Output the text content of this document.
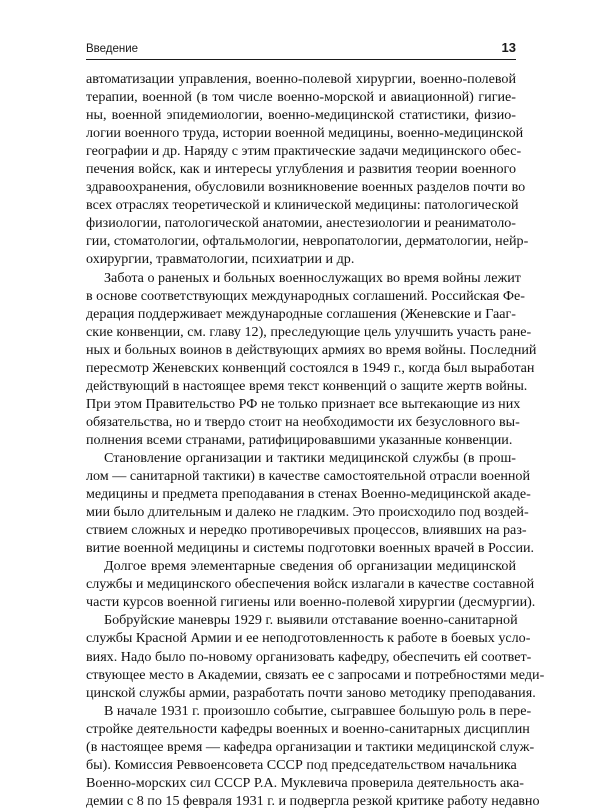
Введение	13

автоматизации управления, военно-полевой хирургии, военно-полевой
терапии, военной (в том числе военно-морской и авиационной) гигие-
ны, военной эпидемиологии, военно-медицинской статистики, физио-
логии военного труда, истории военной медицины, военно-медицинской
географии и др. Наряду с этим практические задачи медицинского обес-
печения войск, как и интересы углубления и развития теории военного
здравоохранения, обусловили возникновение военных разделов почти во
всех отраслях теоретической и клинической медицины: патологической
физиологии, патологической анатомии, анестезиологии и реаниматоло-
гии, стоматологии, офтальмологии, невропатологии, дерматологии, нейр-
охирургии, травматологии, психиатрии и др.

Забота о раненых и больных военнослужащих во время войны лежит
в основе соответствующих международных соглашений. Российская Фе-
дерация поддерживает международные соглашения (Женевские и Гааг-
ские конвенции, см. главу 12), преследующие цель улучшить участь ране-
ных и больных воинов в действующих армиях во время войны. Последний
пересмотр Женевских конвенций состоялся в 1949 г., когда был выработан
действующий в настоящее время текст конвенций о защите жертв войны.
При этом Правительство РФ не только признает все вытекающие из них
обязательства, но и твердо стоит на необходимости их безусловного вы-
полнения всеми странами, ратифицировавшими указанные конвенции.

Становление организации и тактики медицинской службы (в прош-
лом — санитарной тактики) в качестве самостоятельной отрасли военной
медицины и предмета преподавания в стенах Военно-медицинской акаде-
мии было длительным и далеко не гладким. Это происходило под воздей-
ствием сложных и нередко противоречивых процессов, влиявших на раз-
витие военной медицины и системы подготовки военных врачей в России.

Долгое время элементарные сведения об организации медицинской
службы и медицинского обеспечения войск излагали в качестве составной
части курсов военной гигиены или военно-полевой хирургии (десмургии).

Бобруйские маневры 1929 г. выявили отставание военно-санитарной
службы Красной Армии и ее неподготовленность к работе в боевых усло-
виях. Надо было по-новому организовать кафедру, обеспечить ей соответ-
ствующее место в Академии, связать ее с запросами и потребностями меди-
цинской службы армии, разработать почти заново методику преподавания.

В начале 1931 г. произошло событие, сыгравшее большую роль в пере-
стройке деятельности кафедры военных и военно-санитарных дисциплин
(в настоящее время — кафедра организации и тактики медицинской служ-
бы). Комиссия Реввоенсовета СССР под председательством начальника
Военно-морских сил СССР Р.А. Муклевича проверила деятельность ака-
демии с 8 по 15 февраля 1931 г. и подвергла резкой критике работу недавно
